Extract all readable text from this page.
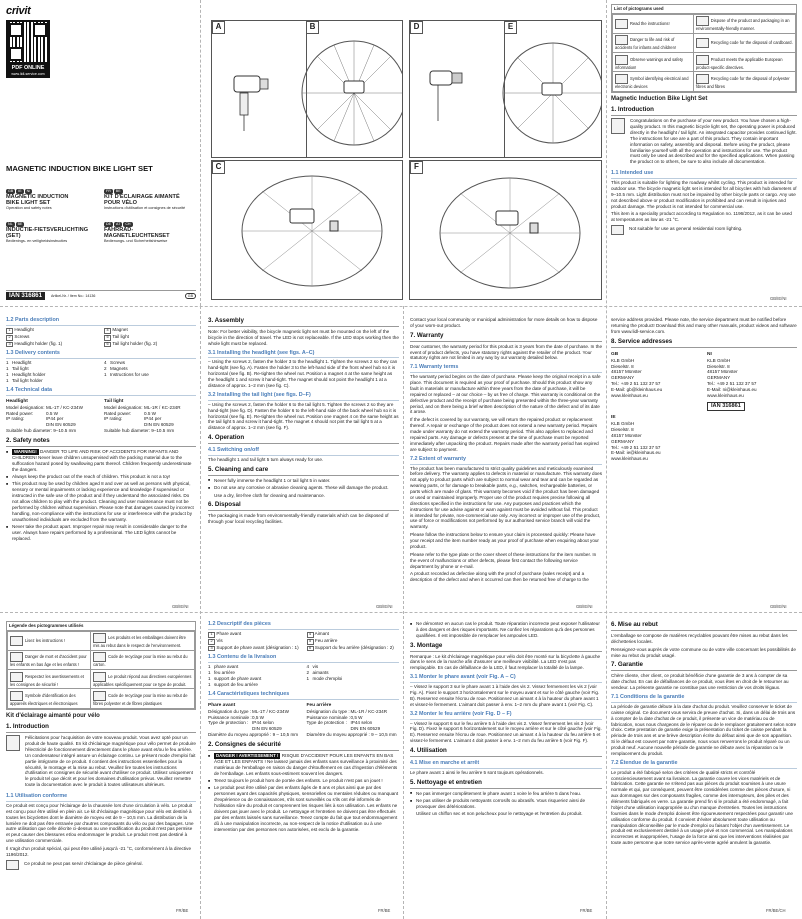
crivit
PDF ONLINE
www.lidl-service.com
MAGNETIC INDUCTION BIKE LIGHT SET
GB IE NI
MAGNETIC INDUCTION
BIKE LIGHT SET
Operation and safety notes
FR BE
KIT D'ÉCLAIRAGE AIMANTÉ
POUR VÉLO
Instructions d'utilisation et consignes de sécurité
NL BE
INDUCTIE-FIETSVERLICHTING
(SET)
Bedienings- en veiligheidsinstructies
DE AT CH
FAHRRAD-MAGNETLEUCHTENSET
Bedienungs- und Sicherheitshinweise
IAN 316861	Artikel-Nr. / Item No.: 14136	GB
A	B
C
D	E
F
List of pictograms used
Read the instructions!	Dispose of the product and packaging in an environmentally-friendly manner.
Danger to life and risk of accidents for infants and children!	Recycling code for the disposal of cardboard.
Observe warnings and safety information!	Product meets the applicable European product-specific directives.
Symbol identifying electrical and electronic devices	Recycling code for the disposal of polyester fibres and fibres
Magnetic Induction Bike Light Set
1. Introduction

Congratulations on the purchase of your new product. You have chosen a high-quality product. In this magnetic bicycle light set, the operating power is produced directly in the headlight / tail light. An integrated capacitor provides continued light. The instructions for use are a part of this product. They contain important information on safety, assembly and disposal. Before using the product, please familiarise yourself with all the operation and instructions for use. The product must only be used as described and for the specified applications. When passing the product on to others, be sure to also include all documentation.

1.1 Intended use

This product is suitable for lighting the roadway whilst cycling. This product is intended for outdoor use. The bicycle magnetic light set is intended for all bicycles with hub diameters of 9–10.5 mm. Light distribution must not be impaired by other bicycle parts or cargo. Any use not described above or product modification is prohibited and can result in injuries and product damage. The product is not intended for commercial use.

This item is a speciality product according to Regulation no. 1196/2012, as it can be used at temperatures as low as -21 °C.

Not suitable for use as general residential room lighting.

GB/IE/NI
1.2 Parts description
1 Headlight
2 Screws
3 Headlight holder (fig. 1)
4 Magnet
5 Tail light
6 Tail light holder (fig. 2)
1.3 Delivery contents
1 Headlight
1 Tail light
1 Headlight holder
1 Tail light holder
4 Screws
2 Magnets
1 Instructions for use
1.4 Technical data
Headlight
Model designation: ML-1T / KC-234W
Rated power:	0.5 W
IP rating:	IP44 per
DIN EN 60529
Suitable hub diameter: 9–10.5 mm
Tail light
Model designation: ML-1R / KC-234R
Rated power:	0.5 W
IP rating:	IP44 per
DIN EN 60529
Suitable hub diameter: 9–10.5 mm
2. Safety notes
■ WARNING! DANGER TO LIFE AND RISK OF ACCIDENTS FOR INFANTS AND CHILDREN! Never leave children unsupervised with the packing material due to the suffocation hazard posed by swallowing parts thereof. Children frequently underestimate the dangers.
■ Always keep the product out of the reach of children. This product is not a toy!
■ This product may be used by children aged 8 and over as well as persons with physical, sensory or mental impairments or lacking experience and knowledge if supervised or instructed in the safe use of the product and if they understand the associated risks. Do not allow children to play with the product. Cleaning and user maintenance must not be performed by children without supervision. Please note that damages caused by incorrect handling, non-compliance with the instructions for use or interference with the product by unauthorised individuals are excluded from the warranty.
■ Never take the product apart. Improper repair may result in considerable danger to the user. Always have repairs performed by a professional. The LED lights cannot be replaced.
GB/IE/NI
3. Assembly

Note: For better visibility, the bicycle magnetic light set must be mounted on the left of the bicycle in the direction of travel. The LED is not replaceable. If the LED stops working then the whole light must be replaced.

3.1 Installing the headlight (see figs. A–C)

– Using the screws 2, fasten the holder 3 to the headlight 1. Tighten the screws 2 so they can hand-tight (see fig. A). Fasten the holder 3 to the left-hand side of the front wheel hub so it is horizontal (see fig. B). Re-tighten the wheel nut. Position a magnet 4 at the same height as the headlight 1 and screw it hand-tight. The magnet should not point the headlight 1 at a distance of approx. 1–2 mm (see fig. C).

3.2 Installing the tail light (see figs. D–F)

– Using the screws 2, fasten the holder 6 to the tail light 5. Tighten the screws 2 so they are hand-tight (see fig. D). Fasten the holder 6 to the left-hand side of the back wheel hub so it is horizontal (see fig. E). Re-tighten the wheel nut. Position one magnet 4 on the same height as the tail light 5 and screw it hand-tight. The magnet 4 should not pint the tail light 5 at a distance of approx. 1–2 mm (see fig. F).

4. Operation
4.1 Switching on/off

The headlight 1 and tail light 5 turn always ready for use.

5. Cleaning and care
■ Never fully immerse the headlight 1 or tail light 5 in water.
■ Do not use any corrosive or abrasive cleaning agents. These will damage the product.
Use a dry, lint-free cloth for cleaning and maintenance.
6. Disposal

The packaging is made from environmentally-friendly materials which can be disposed of through your local recycling facilities.

GB/IE/NI

Contact your local community or municipal administration for more details on how to dispose of your worn-out product.

7. Warranty

Dear customer, the warranty period for this product is 3 years from the date of purchase. In the event of product defects, you have statutory rights against the retailer of the product. Your statutory rights are not limited in any way by our warranty detailed below.

7.1 Warranty terms

The warranty period begins on the date of purchase. Please keep the original receipt in a safe place. This document is required as your proof of purchase. Should this product show any fault in materials or manufacture within three years from the date of purchase, it will be repaired or replaced – at our choice – by us free of charge. This warranty is conditional on the defective product and the receipt of purchase being presented within the three-year warranty period, and on there being a brief written description of the nature of the defect and of its date it arose.

If the defect is covered by our warranty, we will return the repaired product or replacement thereof. A repair or exchange of the product does not extend a new warranty period. Repairs made under warranty do not extend the warranty period. This also applies to replaced and repaired parts. Any damage or defects present at the time of purchase must be reported immediately after unpacking the product. Repairs made after the warranty period has expired are subject to payment.

7.2 Extent of warranty

The product has been manufactured to strict quality guidelines and meticulously examined before delivery. The warranty applies to defects in material or manufacture. This warranty does not apply to product parts which are subject to normal wear and tear and can be regarded as wearing parts, or for damage to breakable parts, e.g., switches, rechargeable batteries, or parts which are made of glass. This warranty becomes void if the product has been damaged or used or maintained improperly. Proper use of the product requires precise following all directions specified in the instructions for use. Any purposes and practices which the instructions for use advise against or warn against must be avoided without fail. This product is intended for private, non-commercial use only. Any incorrect or improper use of the product, use of force or modifications not performed by our authorised service branch will void the warranty.

Please follow the instructions below to ensure your claim is processed quickly: Please have your receipt and the item number ready as your proof of purchase when enquiring about your product.

Please refer to the type plate or the cover sheet of these instructions for the item number. In the event of malfunctions or other defects, please first contact the following service department by phone or e-mail.

A product recorded as defective along with the proof of purchase (sales receipt) and a description of the defect and when it occurred can then be returned free of charge to the

GB/IE/NI

service address provided. Please note, the service department must be notified before returning the product! Download this and many other manuals, product videos and software from www.lidl-service.com.

8. Service addresses
GB
KLB GmbH
Dieselstr. 8
48157 Münster
GERMANY
Tel.: +49 2 51 132 37 57
E-Mail: gb@kleinhaus.eu
www.kleinhaus.eu
NI
KLB GmbH
Dieselstr. 8
48157 Münster
GERMANY
Tel.: +49 2 51 132 37 57
E-Mail: ni@kleinhaus.eu
www.kleinhaus.eu
IAN 316861
IE
KLB GmbH
Dieselstr. 8
48157 Münster
GERMANY
Tel.: +49 2 51 132 37 57
E-Mail: ie@kleinhaus.eu
www.kleinhaus.eu
GB/IE/NI
Légende des pictogrammes utilisés
Lisez les instructions !	Les produits et les emballages doivent être mis au rebut dans le respect de l'environnement.
Danger de mort et d'accident pour les enfants en bas âge et les enfants !	Code de recyclage pour la mise au rebut du carton.
Respectez les avertissements et les consignes de sécurité !	Le produit répond aux directives européennes applicables spécifiquement pour ce type de produit.
Symbole d'identification des appareils électriques et électroniques	Code de recyclage pour la mise au rebut de fibres polyester et de fibres plastiques
Kit d'éclairage aimanté pour vélo
1. Introduction

Félicitations pour l'acquisition de votre nouveau produit. Vous avez opté pour un produit de haute qualité. En kit d'éclairage magnétique pour vélo permet de produire l'électricité de fonctionnement directement dans le phare avant et/ou le feu arrière. Un condensateur intégré assure un éclairage continu. Le présent mode d'emploi fait partie intégrante de ce produit. Il contient des instructions essentielles pour la sécurité, le montage et la mise au rebut. Veuillez lire toutes les instructions d'utilisation et consignes de sécurité avant d'utiliser ce produit. Utilisez uniquement le produit tel que décrit et pour les domaines d'utilisation prévus. Veuillez remettre toute la documentation avec le produit à toutes utilisateurs ultérieurs.

1.1 Utilisation conforme

Ce produit est conçu pour l'éclairage de la chaussée lors d'une circulation à vélo. Le produit est conçu pour être utilisé en plein air. Le kit d'éclairage magnétique pour vélo est destiné à toutes les bicyclettes dont le diamètre de moyeu est de 9 – 10,5 mm. La distribution de la lumière ne doit pas être entravée par d'autres composants du vélo ou par des bagages. Une autre utilisation que celle décrite ci-dessus ou une modification du produit n'est pas permise et peut causer des blessures et/ou endommager le produit. Le produit n'est pas destiné à une utilisation commerciale.

Il s'agit d'un produit spécial, qui peut être utilisé jusqu'à -21 °C, conformément à la directive 1196/2012.

Ce produit ne peut pas servir d'éclairage de pièce général.

FR/BE
1.2 Descriptif des pièces
1 Phare avant
2 Vis
3 Support de phare avant (désignation : 1)
4 Aimant
5 Feu arrière
6 Support du feu arrière (désignation : 2)
1.3 Contenu de la livraison
1 phare avant
1 feu arrière
1 support de phare avant
1 support de feu arrière
4 vis
2 aimants
1 mode d'emploi
1.4 Caractéristiques techniques
Phare avant
Désignation du type : ML-1T / KC-234W
Puissance nominale : 0,5 W
Type de protection : IP44 selon
DIN EN 60529
Diamètre du moyeu approprié : 9 – 10,5 mm
Feu arrière
Désignation du type : ML-1R / KC-234R
Puissance nominale : 0,5 W
Type de protection : IP44 selon
DIN EN 60529
Diamètre du moyeu approprié : 9 – 10,5 mm
2. Consignes de sécurité
■ DANGER ! AVERTISSEMENT ! RISQUE D'ACCIDENT POUR LES ENFANTS EN BAS ÂGE ET LES ENFANTS ! Ne laissez jamais des enfants sans surveillance à proximité des matériaux de l'emballage en raison du danger d'étouffement en cas d'ingestion d'éléments de l'emballage. Les enfants sous-estiment souvent les dangers.
■ Tenez toujours le produit hors de portée des enfants. Le produit n'est pas un jouet !
■ Le produit peut être utilisé par des enfants âgés de 8 ans et plus ainsi que par des personnes ayant des capacités physiques, sensorielles ou mentales réduites ou manquant d'expérience ou de connaissances, s'ils sont surveillés ou s'ils ont été informés de l'utilisation sûre du produit et comprennent les risques liés à son utilisation. Les enfants ne doivent pas jouer avec le produit. Le nettoyage et l'entretien ne doivent pas être effectués par des enfants laissés sans surveillance. Tenez compte du fait que tout endommagement dû à une manipulation incorrecte, au non-respect de la notice d'utilisation ou à une intervention par des personnes non autorisées, est exclu de la garantie.
FR/BE
■ Ne démontez en aucun cas le produit. Toute réparation incorrecte peut exposer l'utilisateur à des dangers et des risques importants. Ne confiez les réparations qu'à des personnes qualifiées. Il est impossible de remplacer les ampoules LED.
3. Montage

Remarque : Le kit d'éclairage magnétique pour vélo doit être monté sur la bicyclette à gauche dans le sens de la marche afin d'assurer une meilleure visibilité. La LED n'est pas remplaçable. En cas de défaillance de la LED, il faut remplacer la totalité de la lampe.

3.1 Monter le phare avant (voir Fig. A – C)

– Vissez le support 3 sur le phare avant 1 à l'aide des vis 2. Vissez fermement les vis 2 (voir Fig. A). Fixez le support 3 horizontalement sur le moyeu avant et sur le côté gauche (voir Fig. B). Resserrez ensuite l'écrou de roue. Positionnez un aimant 4 à la hauteur du phare avant 1 et vissez-le fermement. L'aimant doit passer à env. 1–2 mm du phare avant 1 (voir Fig. C).

3.2 Monter le feu arrière (voir Fig. D – F)

– Vissez le support 6 sur le feu arrière 5 à l'aide des vis 2. Vissez fermement les vis 2 (voir Fig. D). Fixez le support 6 horizontalement sur le moyeu arrière et sur le côté gauche (voir Fig. E). Resserrez ensuite l'écrou de roue. Positionnez un aimant 4 à la hauteur du feu arrière 5 et vissez-le fermement. L'aimant 4 doit passer à env. 1–2 mm du feu arrière 5 (voir Fig. F).

4. Utilisation
4.1 Mise en marche et arrêt

Le phare avant 1 ainsi le feu arrière 5 sont toujours opérationnels.

5. Nettoyage et entretien
■ Ne pas immerger complètement le phare avant 1 voire le feu arrière 5 dans l'eau.
■ Ne pas utiliser de produits nettoyants corrosifs ou abrasifs. Vous risqueriez ainsi de provoquer des détériorations.
Utilisez un chiffon sec et non pelucheux pour le nettoyage et l'entretien du produit.
FR/BE
6. Mise au rebut

L'emballage se compose de matières recyclables pouvant être mises au rebut dans les déchetteries locales.

Renseignez-vous auprès de votre commune ou de votre ville concernant les possibilités de mise au rebut du produit usagé.

7. Garantie

Chère cliente, cher client, ce produit bénéficie d'une garantie de 3 ans à compter de sa date d'achat. En cas de défaillances de ce produit, vous êtes en droit de le retourner au vendeur. La présente garantie ne constitue pas une restriction de vos droits légaux.

7.1 Conditions de la garantie

La période de garantie débute à la date d'achat du produit. Veuillez conserver le ticket de caisse original. Ce document vous servira de preuve d'achat. Si, dans un délai de trois ans à compter de la date d'achat de ce produit, il présente un vice de matériau ou de fabrication, nous nous chargeons de le réparer ou de le remplacer gratuitement selon notre choix. Cette prestation de garantie exige la présentation du ticket de caisse pendant la période de trois ans et une brève description écrite du défaut ainsi que de son apparition. Si le défaut est couvert par notre garantie, nous vous renverrons le produit réparé ou un produit neuf. Aucune nouvelle période de garantie ne débute avec la réparation ou le remplacement du produit.

7.2 Étendue de la garantie

Le produit a été fabriqué selon des critères de qualité stricts et contrôlé consciencieusement avant sa livraison. La garantie couvre les vices matériels et de fabrication. Cette garantie ne s'étend pas aux pièces du produit soumises à une usure normale et qui, par conséquent, peuvent être considérées comme des pièces d'usure, ni aux dommages sur des composants fragiles, comme des interrupteurs, des piles et des éléments fabriqués en verre. La garantie prend fin si le produit a été endommagé, a fait l'objet d'une utilisation inappropriée ou d'un manque d'entretien. Toutes les instructions fournies dans le mode d'emploi doivent être rigoureusement respectées pour garantir une utilisation conforme du produit. Il convient d'éviter absolument toute utilisation ou manipulation déconseillée par le mode d'emploi ou faisant l'objet d'un avertissement. Le produit est exclusivement destiné à un usage privé et non commercial. Les manipulations incorrectes et inappropriées, l'usage de la force ainsi que les interventions réalisées par toute autre personne que notre service après-vente agréé annulent la garantie.

FR/BE/CH
